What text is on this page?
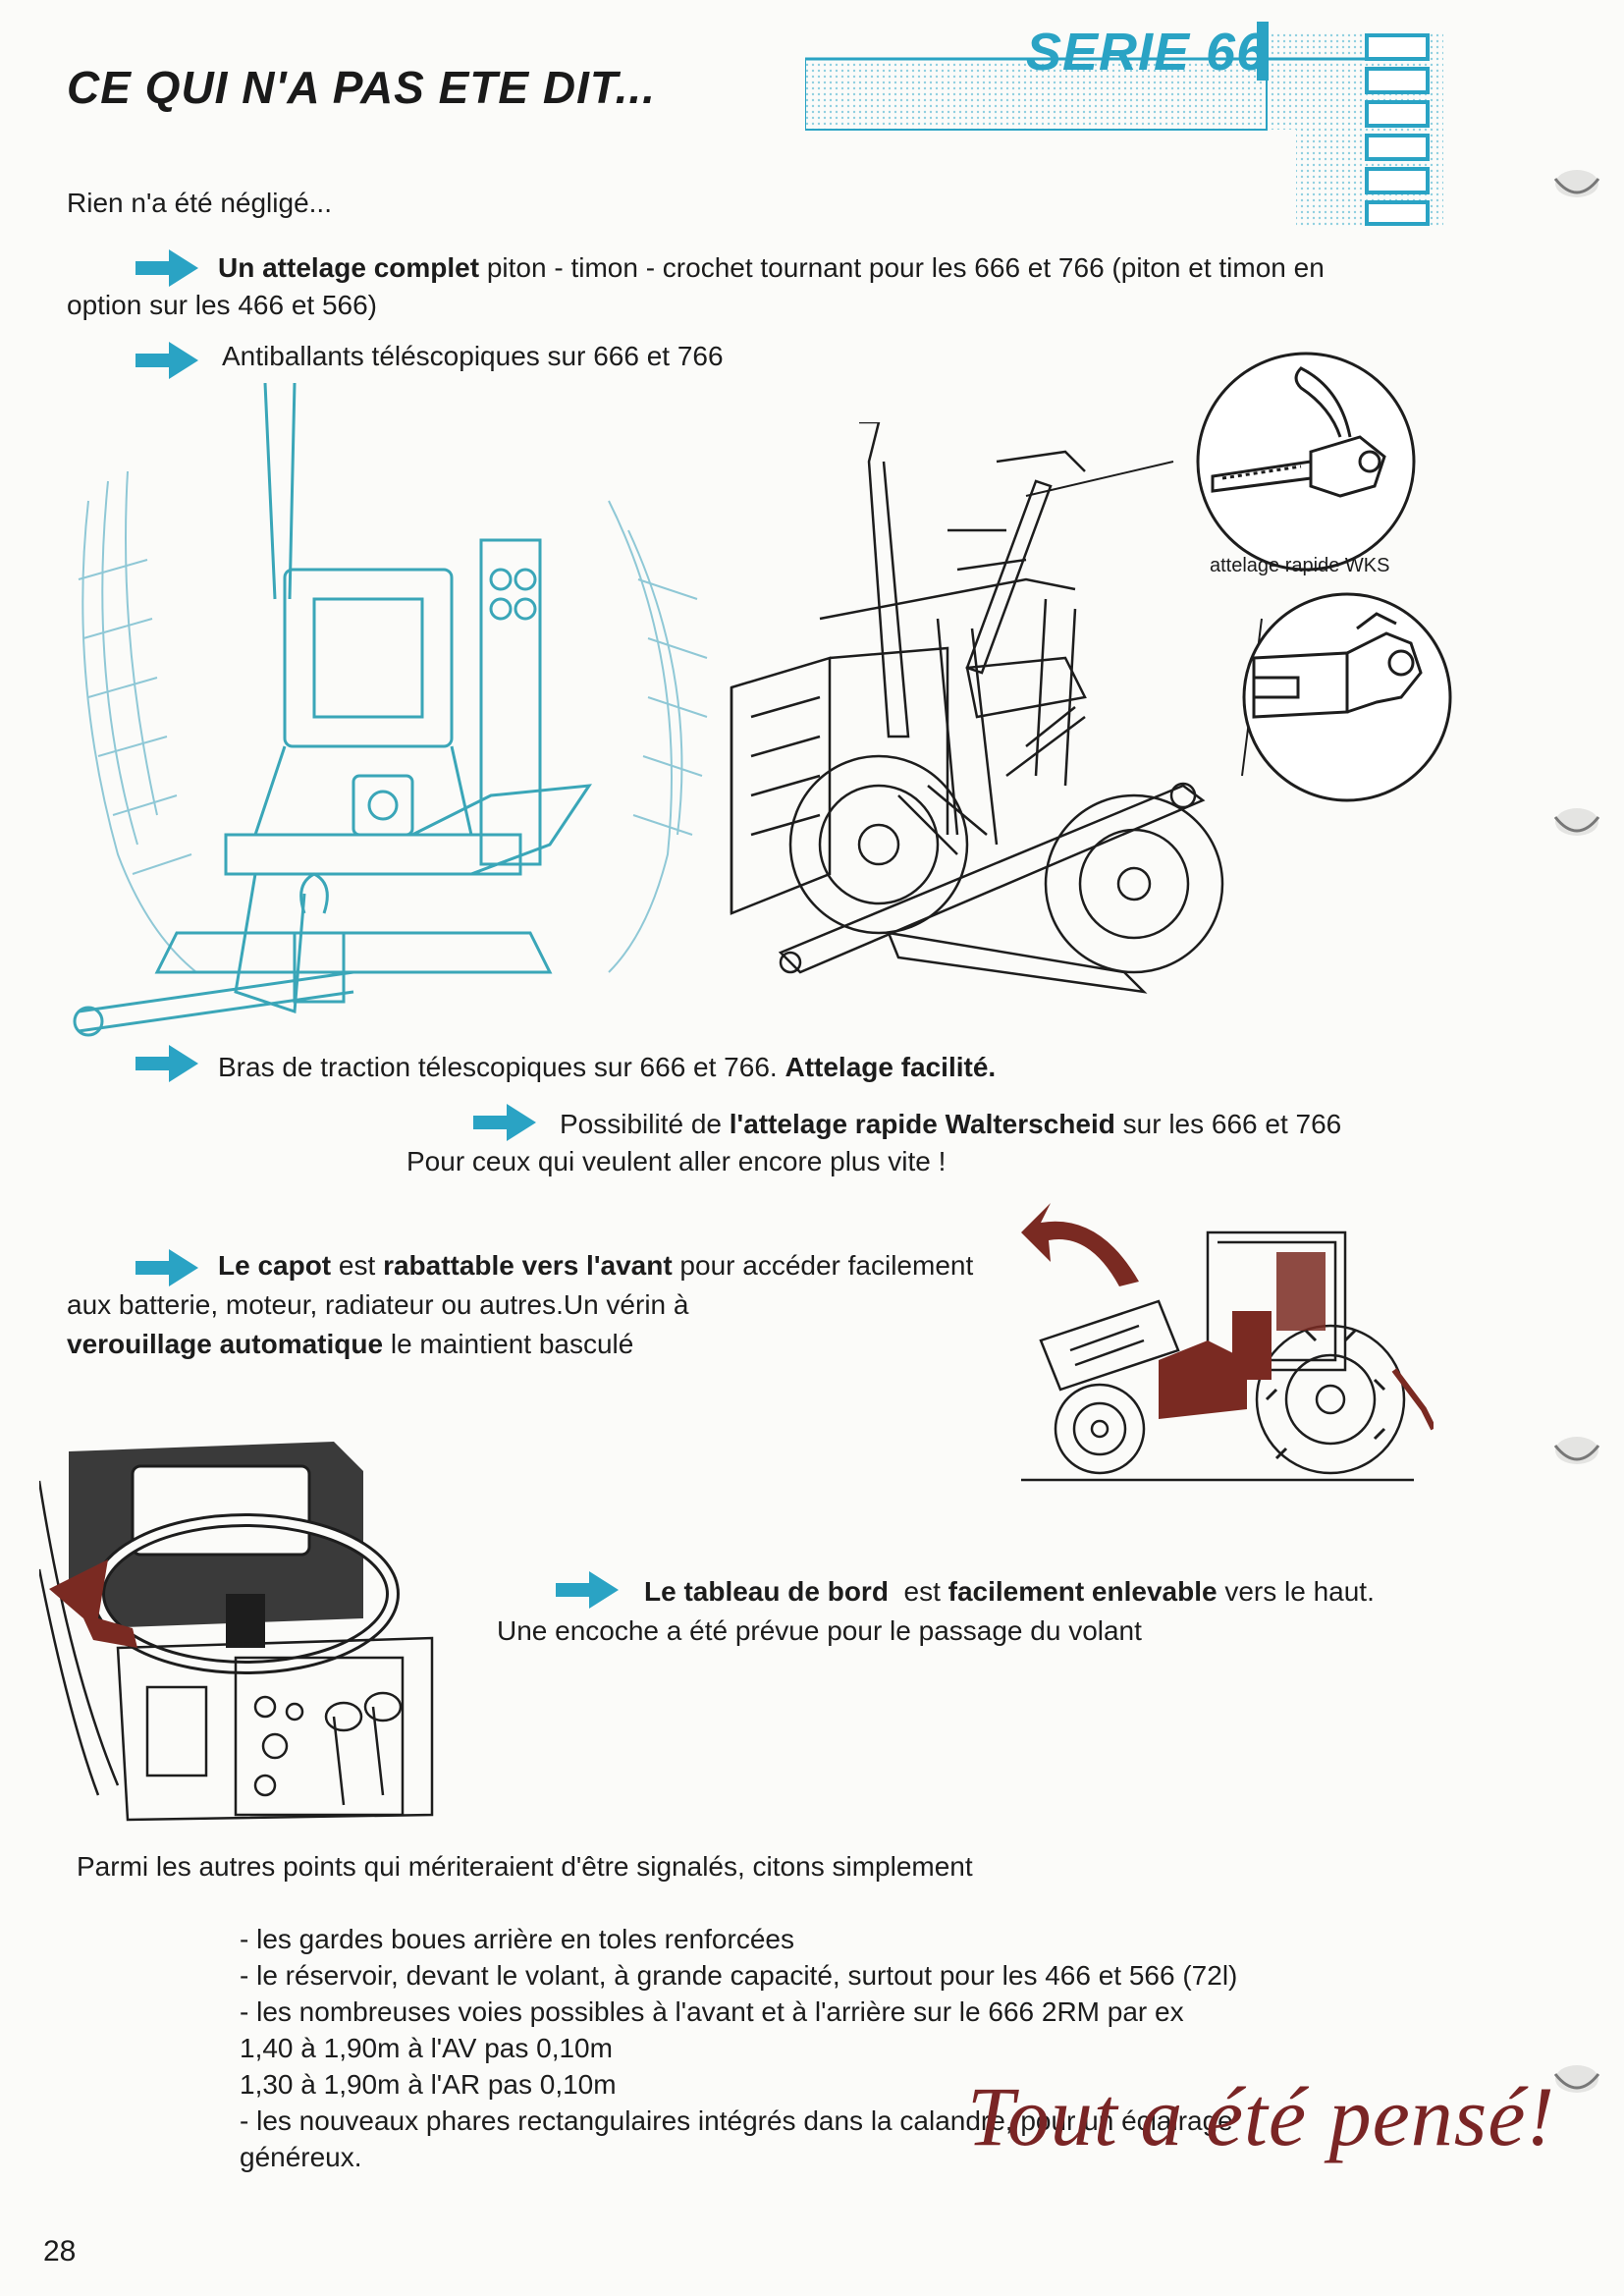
CE QUI N'A PAS ETE DIT...
SERIE 66
Rien n'a été négligé...
Un attelage complet piton - timon - crochet tournant pour les 666 et 766 (piton et timon en
option sur les 466 et 566)
Antiballants téléscopiques sur 666 et 766
attelage rapide WKS
Bras de traction télescopiques sur 666 et 766. Attelage facilité.
Possibilité de l'attelage rapide Walterscheid sur les 666 et 766
Pour ceux qui veulent aller encore plus vite !
Le capot est rabattable vers l'avant pour accéder facilement
aux batterie, moteur, radiateur ou autres.Un vérin à
verouillage automatique le maintient basculé
Le tableau de bord  est facilement enlevable vers le haut.
Une encoche a été prévue pour le passage du volant
Parmi les autres points qui mériteraient d'être signalés, citons simplement
- les gardes boues arrière en toles renforcées
- le réservoir, devant le volant, à grande capacité, surtout pour les 466 et 566 (72l)
- les nombreuses voies possibles à l'avant et à l'arrière sur le 666 2RM par ex
1,40 à 1,90m à l'AV pas 0,10m
1,30 à 1,90m à l'AR pas 0,10m
- les nouveaux phares rectangulaires intégrés dans la calandre, pour un éclairage
généreux.	Tout a été pensé!
28
